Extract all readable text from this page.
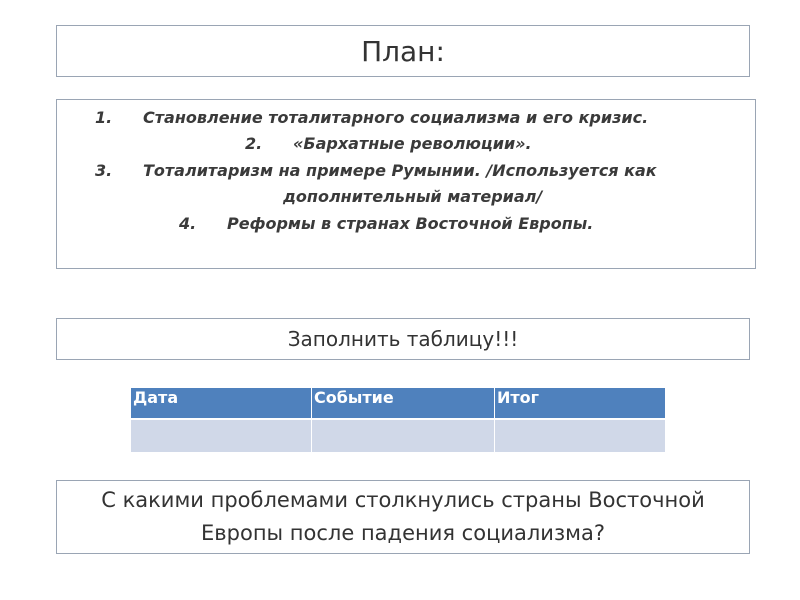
План:
1. Становление тоталитарного социализма и его кризис.
2. «Бархатные революции».
3. Тоталитаризм на примере Румынии. /Используется как
дополнительный материал/
4. Реформы в странах Восточной Европы.
Заполнить таблицу!!!
Дата	Событие	Итог

С какими проблемами столкнулись страны Восточной
Европы после падения социализма?
